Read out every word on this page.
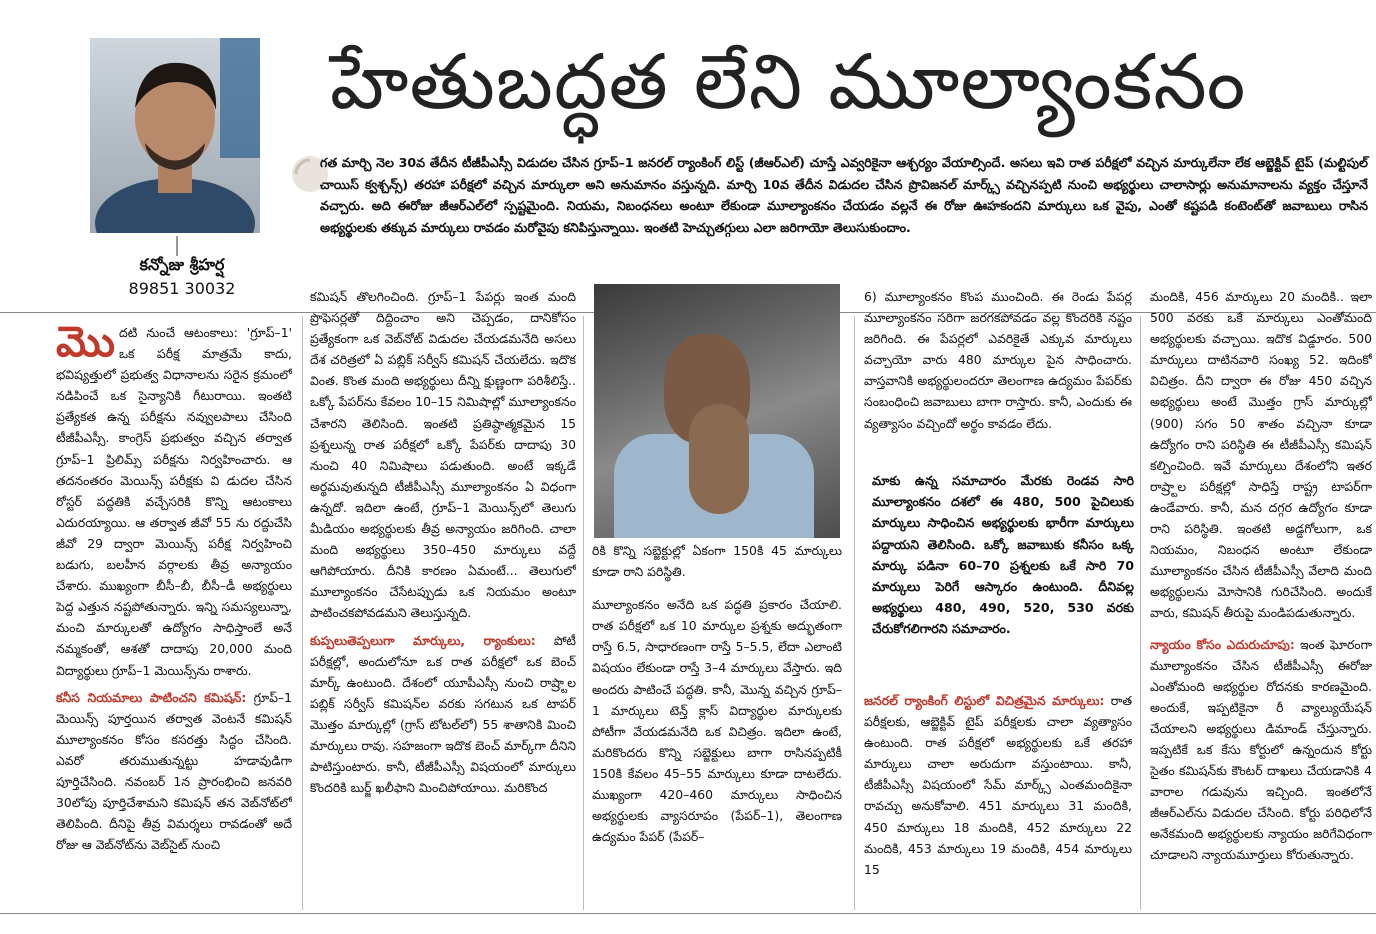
హేతుబద్ధత లేని మూల్యాంకనం

గత మార్చి నెల 30వ తేదీన టీజీపీఎస్సీ విడుదల చేసిన గ్రూప్–1 జనరల్ ర్యాంకింగ్ లిస్ట్ (జీఆర్ఎల్) చూస్తే ఎవ్వరికైనా ఆశ్చర్యం వేయాల్సిందే. అసలు ఇవి రాత పరీక్షలో వచ్చిన మార్కులేనా లేక ఆబ్జెక్టివ్ టైప్ (మల్టిపుల్ చాయిస్ క్వశ్చన్స్) తరహా పరీక్షలో వచ్చిన మార్కులా అని అనుమానం వస్తున్నది. మార్చి 10వ తేదీన విడుదల చేసిన ప్రొవిజనల్ మార్క్స్ వచ్చినప్పటి నుంచి అభ్యర్థులు చాలాసార్లు అనుమానాలను వ్యక్తం చేస్తూనే వచ్చారు. అది ఈరోజు జీఆర్ఎల్‌లో స్పష్టమైంది. నియమ, నిబంధనలు అంటూ లేకుండా మూల్యాంకనం చేయడం వల్లనే ఈ రోజు ఊహకందని మార్కులు ఒక వైపు, ఎంతో కష్టపడి కంటెంట్‌తో జవాబులు రాసిన అభ్యర్థులకు తక్కువ మార్కులు రావడం మరోవైపు కనిపిస్తున్నాయి. ఇంతటి హెచ్చుతగ్గులు ఎలా జరిగాయో తెలుసుకుందాం.

కన్నోజు శ్రీహర్ష
89851 30032

మొదటి నుంచే ఆటంకాలు: 'గ్రూప్–1' ఒక పరీక్ష మాత్రమే కాదు, భవిష్యత్తులో ప్రభుత్వ విధానాలను సరైన క్రమంలో నడిపించే ఒక సైన్యానికి గీటురాయి. ఇంతటి ప్రత్యేకత ఉన్న పరీక్షను నవ్వులపాలు చేసింది టీజీపీఎస్సీ. కాంగ్రెస్ ప్రభుత్వం వచ్చిన తర్వాత గ్రూప్–1 ప్రిలిమ్స్ పరీక్షను నిర్వహించారు. ఆ తదనంతరం మెయిన్స్ పరీక్షకు వి డుదల చేసిన రోస్టర్ పద్ధతికి వచ్చేసరికి కొన్ని ఆటంకాలు ఎదురయ్యాయి. ఆ తర్వాత జీవో 55 ను రద్దుచేసి జీవో 29 ద్వారా మెయిన్స్ పరీక్ష నిర్వహించి బడుగు, బలహీన వర్గాలకు తీవ్ర అన్యాయం చేశారు. ముఖ్యంగా బీసీ–బీ, బీసీ–డీ అభ్యర్థులు పెద్ద ఎత్తున నష్టపోతున్నారు. ఇన్ని సమస్యలున్నా, మంచి మార్కులతో ఉద్యోగం సాధిస్తాంలే అనే నమ్మకంతో, ఆశతో దాదాపు 20,000 మంది విద్యార్థులు గ్రూప్–1 మెయిన్స్‌ను రాశారు.

కనీస నియమాలు పాటించని కమిషన్: గ్రూప్–1 మెయిన్స్ పూర్తయిన తర్వాత వెంటనే కమిషన్ మూల్యాంకనం కోసం కసరత్తు సిద్ధం చేసింది. ఎవరో తరుముతున్నట్టు హడావుడిగా పూర్తిచేసింది. నవంబర్ 1న ప్రారంభించి జనవరి 30లోపు పూర్తిచేశామని కమిషన్ తన వెబ్‌నోట్‌లో తెలిపింది. దీనిపై తీవ్ర విమర్శలు రావడంతో అదే రోజు ఆ వెబ్‌నోట్‌ను వెబ్‌సైట్ నుంచి

కమిషన్ తొలగించింది. గ్రూప్–1 పేపర్లు ఇంత మంది ప్రొఫెసర్లతో దిద్దించాం అని చెప్పడం, దానికోసం ప్రత్యేకంగా ఒక వెబ్‌నోట్ విడుదల చేయడమనేది అసలు దేశ చరిత్రలో ఏ పబ్లిక్ సర్వీస్ కమిషన్ చేయలేదు. ఇదొక వింత. కొంత మంది అభ్యర్థులు దీన్ని క్షుణ్ణంగా పరిశీలిస్తే.. ఒక్కో పేపర్‌ను కేవలం 10–15 నిమిషాల్లో మూల్యాంకనం చేశారని తెలిసింది. ఇంతటి ప్రతిష్ఠాత్మకమైన 15 ప్రశ్నలున్న రాత పరీక్షలో ఒక్కో పేపర్‌కు దాదాపు 30 నుంచి 40 నిమిషాలు పడుతుంది. అంటే ఇక్కడే అర్థమవుతున్నది టీజీపీఎస్సీ మూల్యాంకనం ఏ విధంగా ఉన్నదో. ఇదిలా ఉంటే, గ్రూప్–1 మెయిన్స్‌లో తెలుగు మీడియం అభ్యర్థులకు తీవ్ర అన్యాయం జరిగింది. చాలా మంది అభ్యర్థులు 350–450 మార్కులు వద్దే ఆగిపోయారు. దీనికి కారణం ఏమంటే... తెలుగులో మూల్యాంకనం చేసేటప్పుడు ఒక నియమం అంటూ పాటించకపోవడమని తెలుస్తున్నది.

కుప్పలుతెప్పలుగా మార్కులు, ర్యాంకులు: పోటీ పరీక్షల్లో, అందులోనూ ఒక రాత పరీక్షలో ఒక బెంచ్ మార్క్ ఉంటుంది. దేశంలో యూపీఎస్సీ నుంచి రాష్ర్టాల పబ్లిక్ సర్వీస్ కమిషన్‌ల వరకు సగటున ఒక టాపర్ మొత్తం మార్కుల్లో (గ్రాస్ టోటల్‌లో) 55 శాతానికి మించి మార్కులు రావు. సహజంగా ఇదొక బెంచ్ మార్క్‌గా దీనిని పాటిస్తుంటారు. కానీ, టీజీపీఎస్సీ విషయంలో మార్కులు కొందరికి బుర్జ్ ఖలీఫాని మించిపోయాయి. మరికొంద

రికి కొన్ని సబ్జెక్టుల్లో ఏకంగా 150కి 45 మార్కులు కూడా రాని పరిస్థితి.

మూల్యాంకనం అనేది ఒక పద్ధతి ప్రకారం చేయాలి. రాత పరీక్షలో ఒక 10 మార్కుల ప్రశ్నకు అద్భుతంగా రాస్తే 6.5, సాధారణంగా రాస్తే 5–5.5, లేదా ఎలాంటి విషయం లేకుండా రాస్తే 3–4 మార్కులు వేస్తారు. ఇది అందరు పాటించే పద్ధతి. కానీ, మొన్న వచ్చిన గ్రూప్–1 మార్కులు టెన్త్ క్లాస్ విద్యార్థుల మార్కులకు పోటీగా వేయడమనేది ఒక విచిత్రం. ఇదిలా ఉంటే, మరికొందరు కొన్ని సబ్జెక్టులు బాగా రాసినప్పటికీ 150కి కేవలం 45–55 మార్కులు కూడా దాటలేదు. ముఖ్యంగా 420–460 మార్కులు సాధించిన అభ్యర్థులకు వ్యాసరూపం (పేపర్–1), తెలంగాణ ఉద్యమం పేపర్ (పేపర్–

6) మూల్యాంకనం కొంప ముంచింది. ఈ రెండు పేపర్ల మూల్యాంకనం సరిగా జరగకపోవడం వల్ల కొందరికి నష్టం జరిగింది. ఈ పేపర్లలో ఎవరికైతే ఎక్కువ మార్కులు వచ్చాయో వారు 480 మార్కుల పైన సాధించారు. వాస్తవానికి అభ్యర్థులందరూ తెలంగాణ ఉద్యమం పేపర్‌కు సంబంధించి జవాబులు బాగా రాస్తారు. కానీ, ఎందుకు ఈ వ్యత్యాసం వచ్చిందో అర్థం కావడం లేదు.

మాకు ఉన్న సమాచారం మేరకు రెండవ సారి మూల్యాంకనం దశలో ఈ 480, 500 పైచిలుకు మార్కులు సాధించిన అభ్యర్థులకు భారీగా మార్కులు పద్దాయని తెలిసింది. ఒక్కో జవాబుకు కనీసం ఒక్క మార్కు పడినా 60–70 ప్రశ్నలకు ఒకే సారి 70 మార్కులు పెరిగే ఆస్కారం ఉంటుంది. దీనివల్ల అభ్యర్థులు 480, 490, 520, 530 వరకు చేరుకోగలిగారని సమాచారం.

జనరల్ ర్యాంకింగ్ లిస్టులో విచిత్రమైన మార్కులు: రాత పరీక్షలకు, ఆబ్జెక్టివ్ టైప్ పరీక్షలకు చాలా వ్యత్యాసం ఉంటుంది. రాత పరీక్షలో అభ్యర్థులకు ఒకే తరహా మార్కులు చాలా అరుదుగా వస్తుంటాయి. కానీ, టీజీపీఎస్సీ విషయంలో సేమ్ మార్క్స్ ఎంతమందికైనా రావచ్చు అనుకోవాలి. 451 మార్కులు 31 మందికి, 450 మార్కులు 18 మందికి, 452 మార్కులు 22 మందికి, 453 మార్కులు 19 మందికి, 454 మార్కులు 15

మందికి, 456 మార్కులు 20 మందికి.. ఇలా 500 వరకు ఒకే మార్కులు ఎంతోమంది అభ్యర్థులకు వచ్చాయి. ఇదొక విడ్డూరం. 500 మార్కులు దాటినవారి సంఖ్య 52. ఇదింకో విచిత్రం. దీని ద్వారా ఈ రోజు 450 వచ్చిన అభ్యర్థులు అంటే మొత్తం గ్రాస్ మార్కుల్లో (900) సగం 50 శాతం వచ్చినా కూడా ఉద్యోగం రాని పరిస్థితి ఈ టీజీపీఎస్సీ కమిషన్ కల్పించింది. ఇవే మార్కులు దేశంలోని ఇతర రాష్ర్టాల పరీక్షల్లో సాధిస్తే రాష్ట్ర టాపర్‌గా ఉండేవారు. కానీ, మన దగ్గర ఉద్యోగం కూడా రాని పరిస్థితి. ఇంతటి అడ్డగోలుగా, ఒక నియమం, నిబంధన అంటూ లేకుండా మూల్యాంకనం చేసిన టీజీపీఎస్సీ వేలాది మంది అభ్యర్థులను మోసానికి గురిచేసింది. అందుకే వారు, కమిషన్ తీరుపై మండిపడుతున్నారు.

న్యాయం కోసం ఎదురుచూపు: ఇంత ఘోరంగా మూల్యాంకనం చేసిన టీజీపీఎస్సీ ఈరోజు ఎంతోమంది అభ్యర్థుల రోదనకు కారణమైంది. అందుకే, ఇప్పటికైనా రీ వ్యాల్యుయేషన్ చేయాలని అభ్యర్థులు డిమాండ్ చేస్తున్నారు. ఇప్పటికే ఒక కేసు కోర్టులో ఉన్నందున కోర్టు సైతం కమిషన్‌కు కౌంటర్ దాఖలు చేయడానికి 4 వారాల గడువును ఇచ్చింది. ఇంతలోనే జీఆర్ఎల్‌ను విడుదల చేసింది. కోర్టు పరిధిలోనే అనేకమంది అభ్యర్థులకు న్యాయం జరిగేవిధంగా చూడాలని న్యాయమూర్తులు కోరుతున్నారు.
